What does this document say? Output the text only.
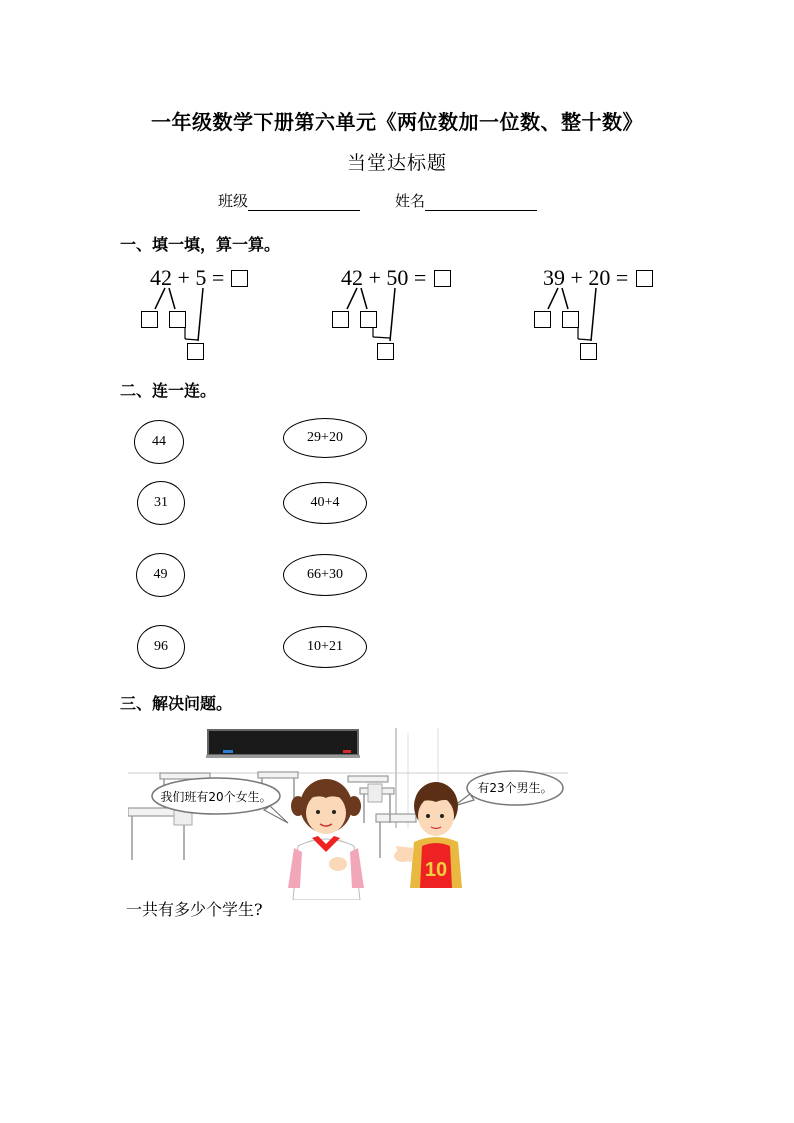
一年级数学下册第六单元《两位数加一位数、整十数》
当堂达标题
班级	姓名
一、填一填，算一算。
42 + 5 =	42 + 50 =	39 + 20 =
二、连一连。
44
31
49
96
29+20
40+4
66+30
10+21
三、解决问题。
我们班有20个女生。
有23个男生。
10
一共有多少个学生?
